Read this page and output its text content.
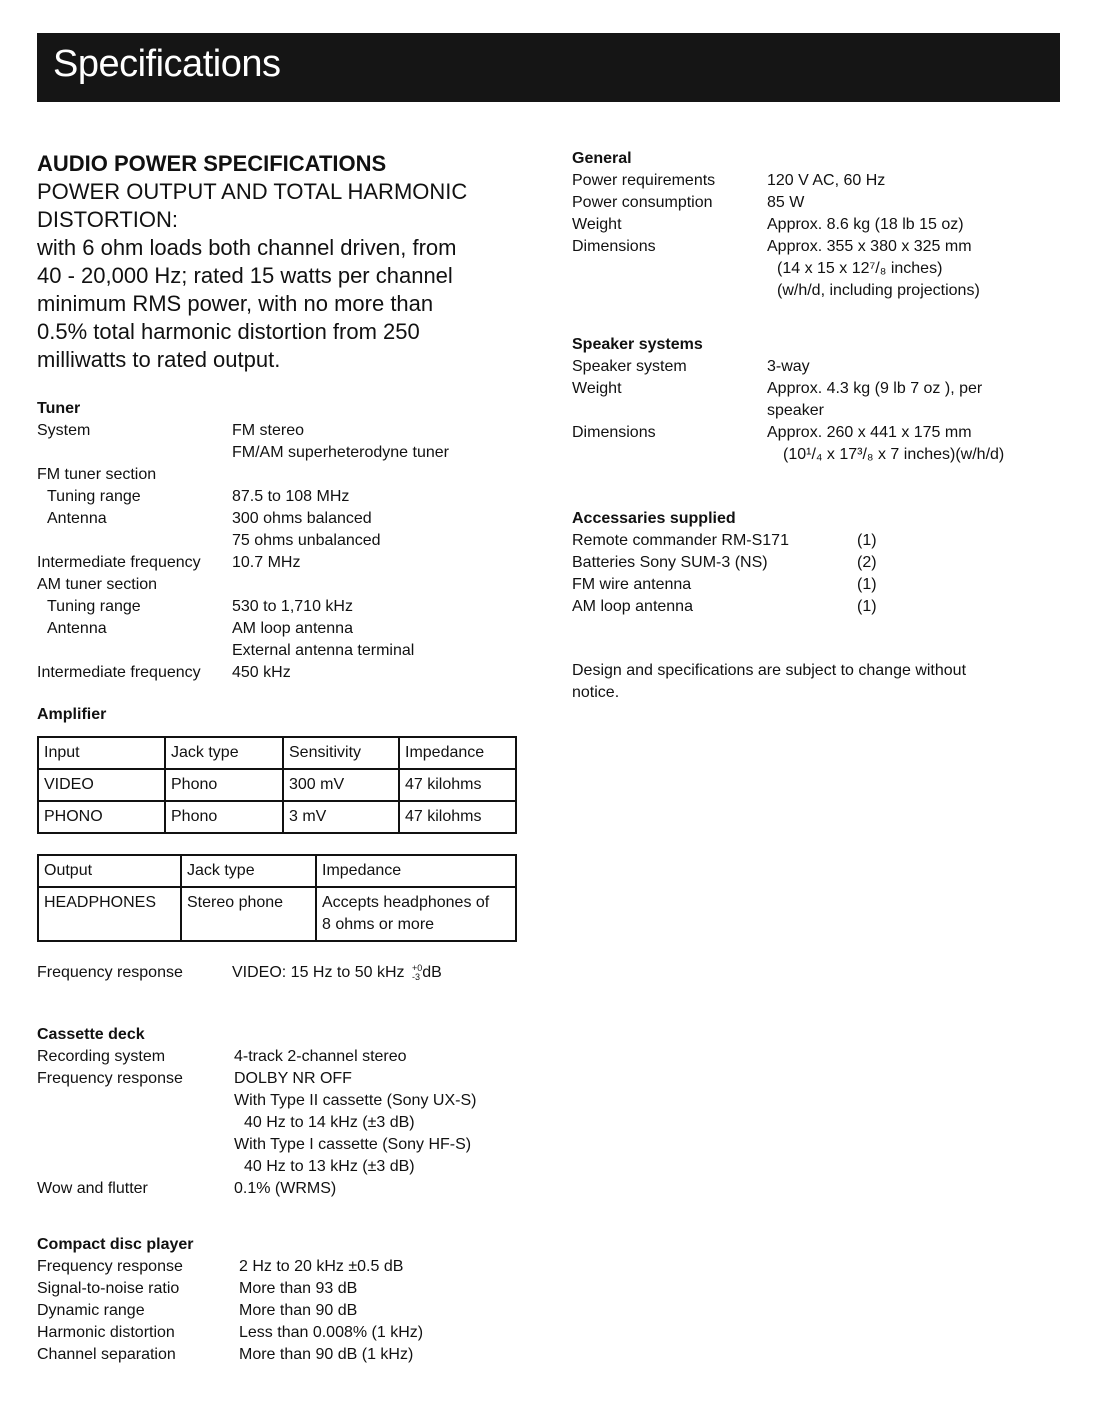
Specifications
AUDIO POWER SPECIFICATIONS
POWER OUTPUT AND TOTAL HARMONIC
DISTORTION:
with 6 ohm loads both channel driven, from
40 - 20,000 Hz; rated 15 watts per channel
minimum RMS power, with no more than
0.5% total harmonic distortion from 250
milliwatts to rated output.
Tuner
System	FM stereo
FM/AM superheterodyne tuner
FM tuner section
Tuning range	87.5 to 108 MHz
Antenna	300 ohms balanced
75 ohms unbalanced
Intermediate frequency	10.7 MHz
AM tuner section
Tuning range	530 to 1,710 kHz
Antenna	AM loop antenna
External antenna terminal
Intermediate frequency	450 kHz
Amplifier
Input	Jack type	Sensitivity	Impedance
VIDEO	Phono	300 mV	47 kilohms
PHONO	Phono	3 mV	47 kilohms
Output	Jack type	Impedance
HEADPHONES	Stereo phone	Accepts headphones of
8 ohms or more
Frequency response	VIDEO: 15 Hz to 50 kHz +0
-3 dB
Cassette deck
Recording system	4-track 2-channel stereo
Frequency response	DOLBY NR OFF
With Type II cassette (Sony UX-S)
40 Hz to 14 kHz (±3 dB)
With Type I cassette (Sony HF-S)
40 Hz to 13 kHz (±3 dB)
Wow and flutter	0.1% (WRMS)
Compact disc player
Frequency response	2 Hz to 20 kHz ±0.5 dB
Signal-to-noise ratio	More than 93 dB
Dynamic range	More than 90 dB
Harmonic distortion	Less than 0.008% (1 kHz)
Channel separation	More than 90 dB (1 kHz)
General
Power requirements	120 V AC, 60 Hz
Power consumption	85 W
Weight	Approx. 8.6 kg (18 lb 15 oz)
Dimensions	Approx. 355 x 380 x 325 mm
(14 x 15 x 12⁷/₈ inches)
(w/h/d, including projections)
Speaker systems
Speaker system	3-way
Weight	Approx. 4.3 kg (9 lb 7 oz ), per
speaker
Dimensions	Approx. 260 x 441 x 175 mm
(10¹/₄ x 17³/₈ x 7 inches)(w/h/d)
Accessaries supplied
Remote commander RM-S171	(1)
Batteries Sony SUM-3 (NS)	(2)
FM wire antenna	(1)
AM loop antenna	(1)
Design and specifications are subject to change without
notice.
